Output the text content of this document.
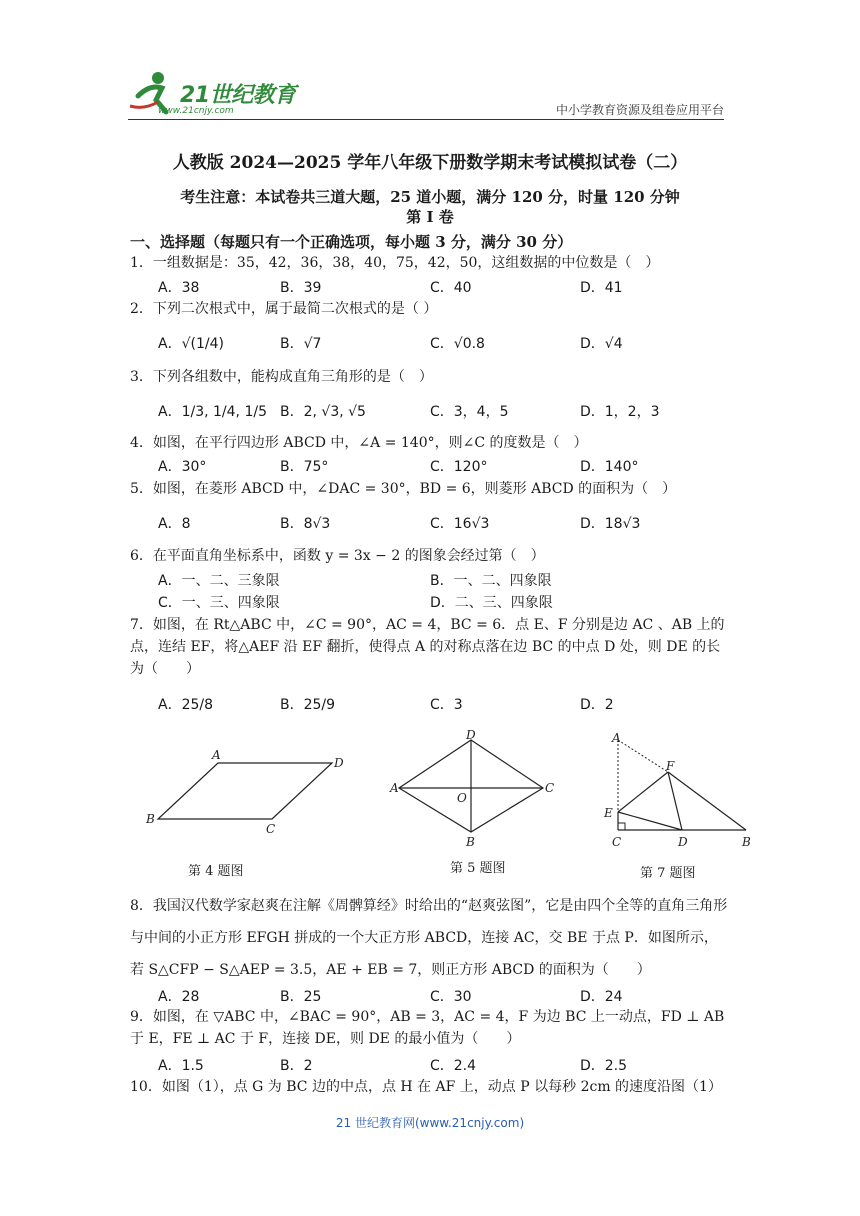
21世纪教育
www.21cnjy.com	中小学教育资源及组卷应用平台
人教版 2024—2025 学年八年级下册数学期末考试模拟试卷（二）
考生注意：本试卷共三道大题，25 道小题，满分 120 分，时量 120 分钟
第 I 卷
一、选择题（每题只有一个正确选项，每小题 3 分，满分 30 分）
1．一组数据是：35，42，36，38，40，75，42，50，这组数据的中位数是（　）
A．38	B．39	C．40	D．41
2．下列二次根式中，属于最简二次根式的是（ ）
A．√(1/4)	B．√7	C．√0.8	D．√4
3．下列各组数中，能构成直角三角形的是（　）
A．1/3, 1/4, 1/5 B．2, √3, √5	C．3，4，5	D．1，2，3
4．如图，在平行四边形 ABCD 中，∠A = 140°，则∠C 的度数是（　）
A．30°	B．75°	C．120°	D．140°
5．如图，在菱形 ABCD 中，∠DAC = 30°，BD = 6，则菱形 ABCD 的面积为（　）
A．8	B．8√3	C．16√3	D．18√3
6．在平面直角坐标系中，函数 y = 3x − 2 的图象会经过第（　）
A．一、二、三象限	B．一、二、四象限
C．一、三、四象限	D．二、三、四象限
7．如图，在 Rt△ABC 中，∠C = 90°，AC = 4，BC = 6．点 E、F 分别是边 AC 、AB 上的点，连结 EF，将△AEF 沿 EF 翻折，使得点 A 的对称点落在边 BC 的中点 D 处，则 DE 的长为（　　）
A．25/8	B．25/9	C．3	D．2
A
B
C
D
第 4 题图
A
B
C
D
O
第 5 题图
A
B
C	D
E
F
第 7 题图
8．我国汉代数学家赵爽在注解《周髀算经》时给出的“赵爽弦图”，它是由四个全等的直角三角形与中间的小正方形 EFGH 拼成的一个大正方形 ABCD，连接 AC，交 BE 于点 P．如图所示，若 S△CFP − S△AEP = 3.5，AE + EB = 7，则正方形 ABCD 的面积为（　　）
A．28	B．25	C．30	D．24
9．如图，在 ▽ABC 中，∠BAC = 90°，AB = 3，AC = 4，F 为边 BC 上一动点，FD ⊥ AB 于 E，FE ⊥ AC 于 F，连接 DE，则 DE 的最小值为（　　）
A．1.5	B．2	C．2.4	D．2.5
10．如图（1），点 G 为 BC 边的中点，点 H 在 AF 上，动点 P 以每秒 2cm 的速度沿图（1）
21 世纪教育网(www.21cnjy.com)
